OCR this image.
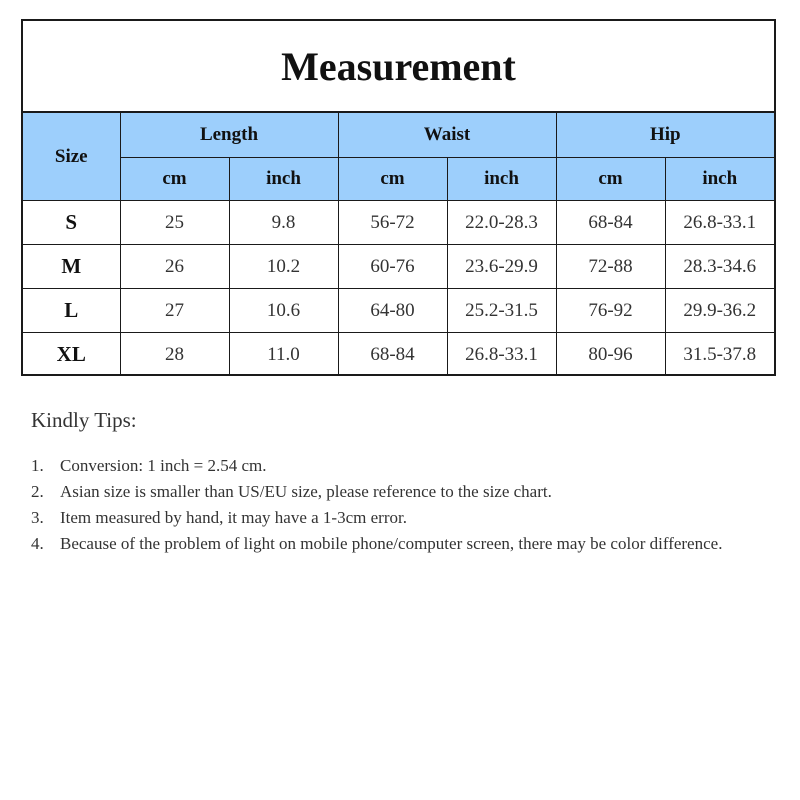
Measurement
Size	Length		Waist		Hip	
	cm	inch	cm	inch	cm	inch
S	25	9.8	56-72	22.0-28.3	68-84	26.8-33.1
M	26	10.2	60-76	23.6-29.9	72-88	28.3-34.6
L	27	10.6	64-80	25.2-31.5	76-92	29.9-36.2
XL	28	11.0	68-84	26.8-33.1	80-96	31.5-37.8
Kindly Tips:
1. Conversion: 1 inch = 2.54 cm.
2. Asian size is smaller than US/EU size, please reference to the size chart.
3. Item measured by hand, it may have a 1-3cm error.
4. Because of the problem of light on mobile phone/computer screen, there may be color difference.
